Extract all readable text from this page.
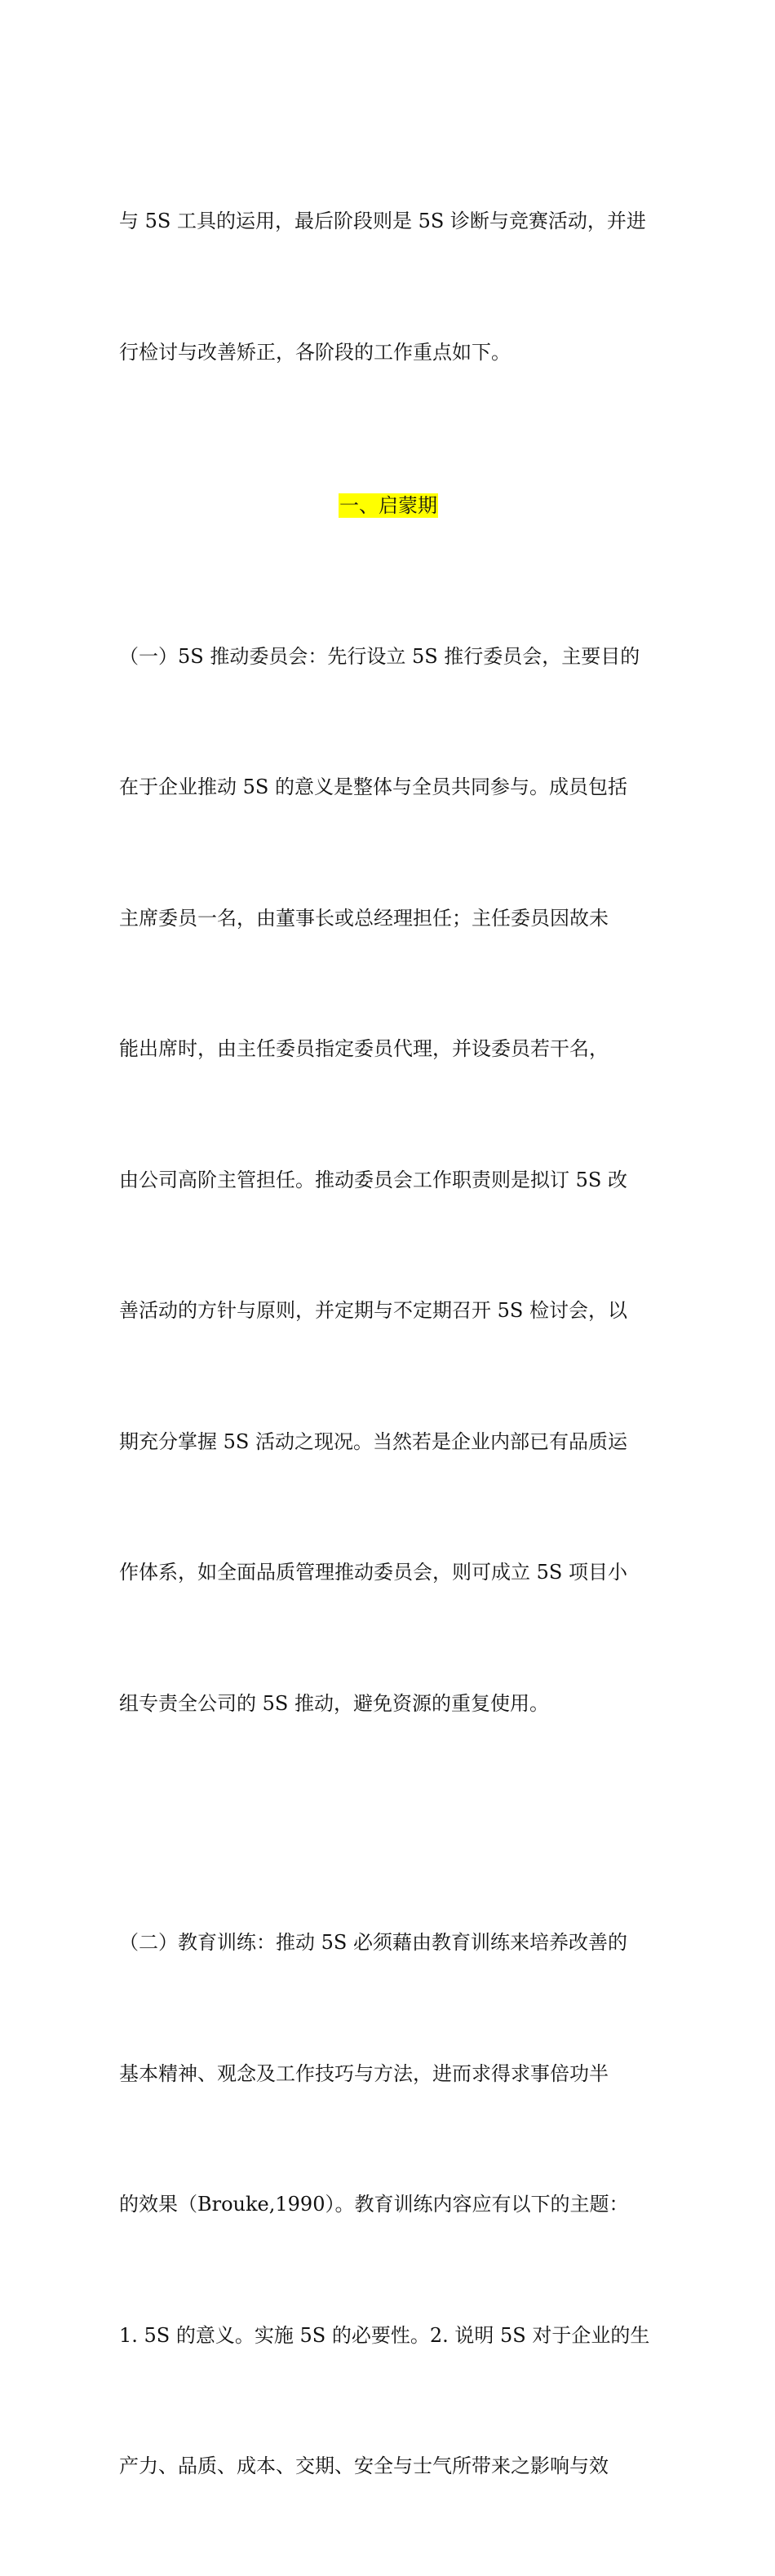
与 5S 工具的运用，最后阶段则是 5S 诊断与竞赛活动，并进

行检讨与改善矫正，各阶段的工作重点如下。

一、启蒙期

（一）5S 推动委员会：先行设立 5S 推行委员会，主要目的

在于企业推动 5S 的意义是整体与全员共同参与。成员包括

主席委员一名，由董事长或总经理担任；主任委员因故未

能出席时，由主任委员指定委员代理，并设委员若干名，

由公司高阶主管担任。推动委员会工作职责则是拟订 5S 改

善活动的方针与原则，并定期与不定期召开 5S 检讨会，以

期充分掌握 5S 活动之现况。当然若是企业内部已有品质运

作体系，如全面品质管理推动委员会，则可成立 5S 项目小

组专责全公司的 5S 推动，避免资源的重复使用。

（二）教育训练：推动 5S 必须藉由教育训练来培养改善的

基本精神、观念及工作技巧与方法，进而求得求事倍功半

的效果（Brouke,1990）。教育训练内容应有以下的主题：

1. 5S 的意义。实施 5S 的必要性。2. 说明 5S 对于企业的生

产力、品质、成本、交期、安全与士气所带来之影响与效
